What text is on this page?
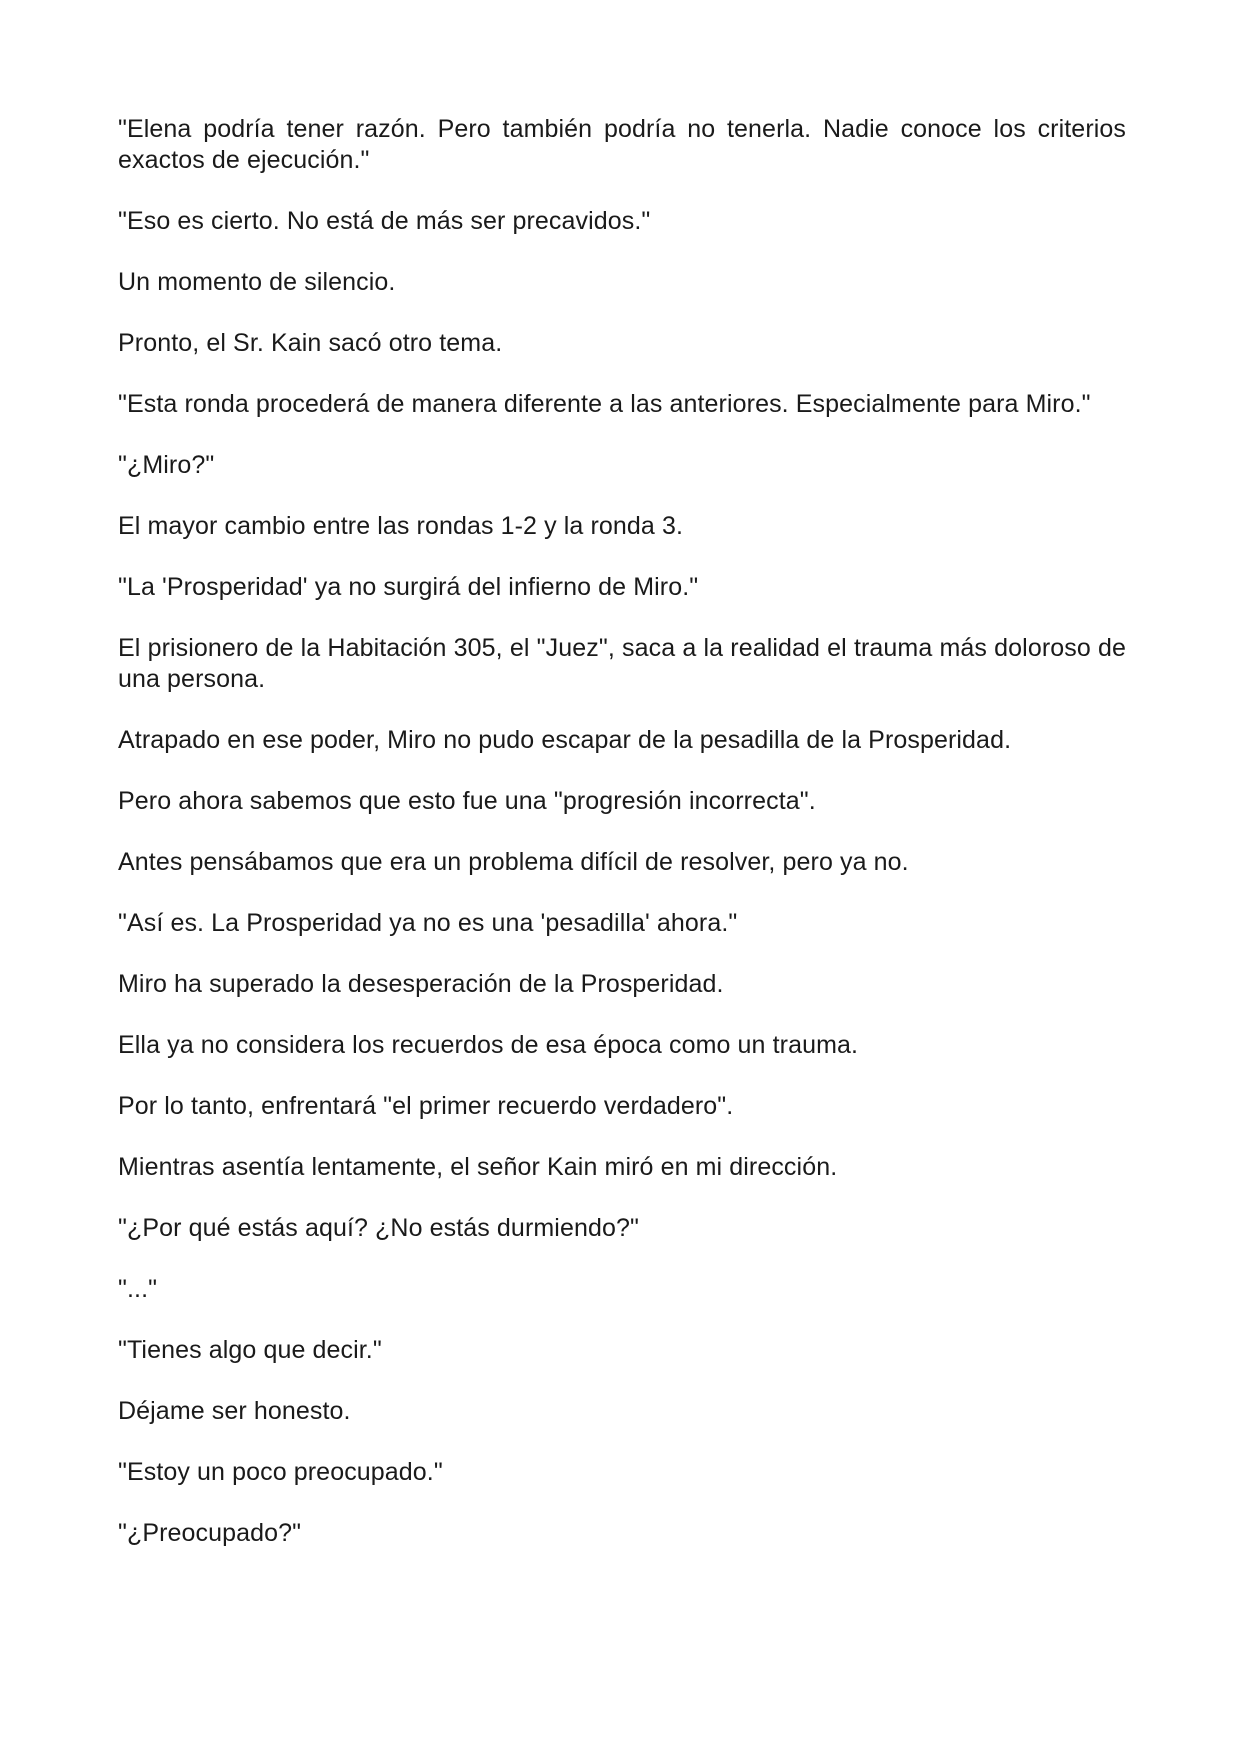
"Elena podría tener razón. Pero también podría no tenerla. Nadie conoce los criterios exactos de ejecución."

"Eso es cierto. No está de más ser precavidos."

Un momento de silencio.

Pronto, el Sr. Kain sacó otro tema.

"Esta ronda procederá de manera diferente a las anteriores. Especialmente para Miro."

"¿Miro?"

El mayor cambio entre las rondas 1-2 y la ronda 3.

"La 'Prosperidad' ya no surgirá del infierno de Miro."

El prisionero de la Habitación 305, el "Juez", saca a la realidad el trauma más doloroso de una persona.

Atrapado en ese poder, Miro no pudo escapar de la pesadilla de la Prosperidad.

Pero ahora sabemos que esto fue una "progresión incorrecta".

Antes pensábamos que era un problema difícil de resolver, pero ya no.

"Así es. La Prosperidad ya no es una 'pesadilla' ahora."

Miro ha superado la desesperación de la Prosperidad.

Ella ya no considera los recuerdos de esa época como un trauma.

Por lo tanto, enfrentará "el primer recuerdo verdadero".

Mientras asentía lentamente, el señor Kain miró en mi dirección.

"¿Por qué estás aquí? ¿No estás durmiendo?"

"..."

"Tienes algo que decir."

Déjame ser honesto.

"Estoy un poco preocupado."

"¿Preocupado?"
